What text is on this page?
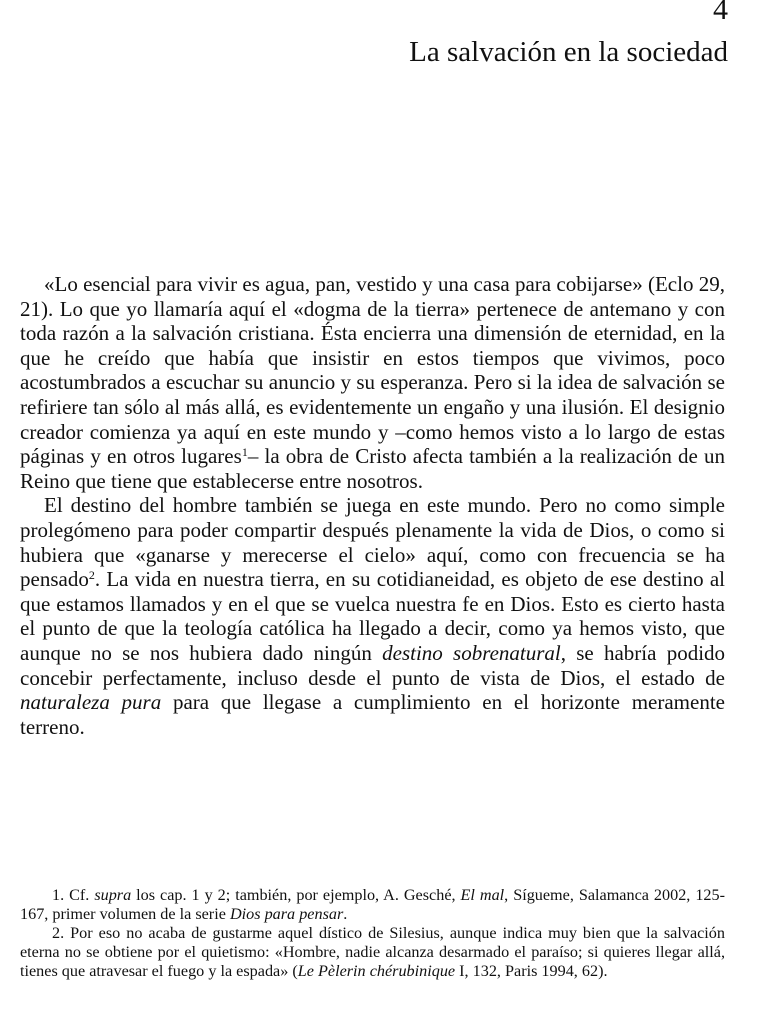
4
La salvación en la sociedad

«Lo esencial para vivir es agua, pan, vestido y una casa para cobijarse» (Eclo 29, 21). Lo que yo llamaría aquí el «dogma de la tierra» pertenece de antemano y con toda razón a la salvación cristiana. Ésta encierra una dimensión de eternidad, en la que he creído que había que insistir en estos tiempos que vivimos, poco acostumbrados a escuchar su anuncio y su esperanza. Pero si la idea de salvación se refiriere tan sólo al más allá, es evidentemente un engaño y una ilusión. El designio creador comienza ya aquí en este mundo y –como hemos visto a lo largo de estas páginas y en otros lugares$^1$– la obra de Cristo afecta también a la realización de un Reino que tiene que establecerse entre nosotros.

El destino del hombre también se juega en este mundo. Pero no como simple prolegómeno para poder compartir después plenamente la vida de Dios, o como si hubiera que «ganarse y merecerse el cielo» aquí, como con frecuencia se ha pensado$^2$. La vida en nuestra tierra, en su cotidianeidad, es objeto de ese destino al que estamos llamados y en el que se vuelca nuestra fe en Dios. Esto es cierto hasta el punto de que la teología católica ha llegado a decir, como ya hemos visto, que aunque no se nos hubiera dado ningún destino sobrenatural, se habría podido concebir perfectamente, incluso desde el punto de vista de Dios, el estado de naturaleza pura para que llegase a cumplimiento en el horizonte meramente terreno.

1. Cf. supra los cap. 1 y 2; también, por ejemplo, A. Gesché, El mal, Sígueme, Salamanca 2002, 125-167, primer volumen de la serie Dios para pensar.

2. Por eso no acaba de gustarme aquel dístico de Silesius, aunque indica muy bien que la salvación eterna no se obtiene por el quietismo: «Hombre, nadie alcanza desarmado el paraíso; si quieres llegar allá, tienes que atravesar el fuego y la espada» (Le Pèlerin chérubinique I, 132, Paris 1994, 62).
